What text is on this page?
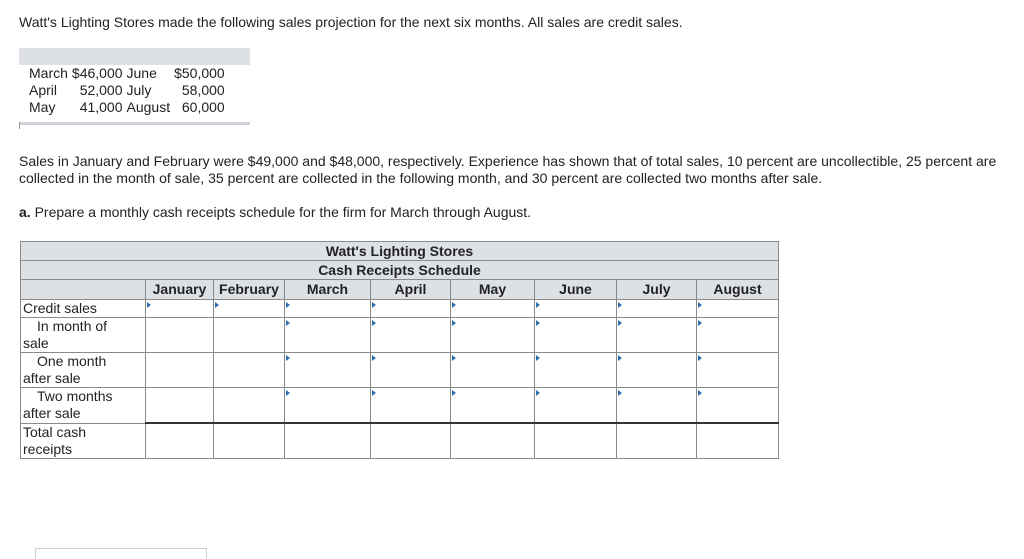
Watt's Lighting Stores made the following sales projection for the next six months. All sales are credit sales.

March	$46,000	June	$50,000
April	52,000	July	58,000
May	41,000	August	60,000

Sales in January and February were $49,000 and $48,000, respectively. Experience has shown that of total sales, 10 percent are uncollectible, 25 percent are collected in the month of sale, 35 percent are collected in the following month, and 30 percent are collected two months after sale.

a. Prepare a monthly cash receipts schedule for the firm for March through August.

Watt's Lighting Stores								
Cash Receipts Schedule								
	January	February	March	April	May	June	July	August
Credit sales								

In month of
sale								

One month
after sale								

Two months
after sale								
Total cash
receipts								
